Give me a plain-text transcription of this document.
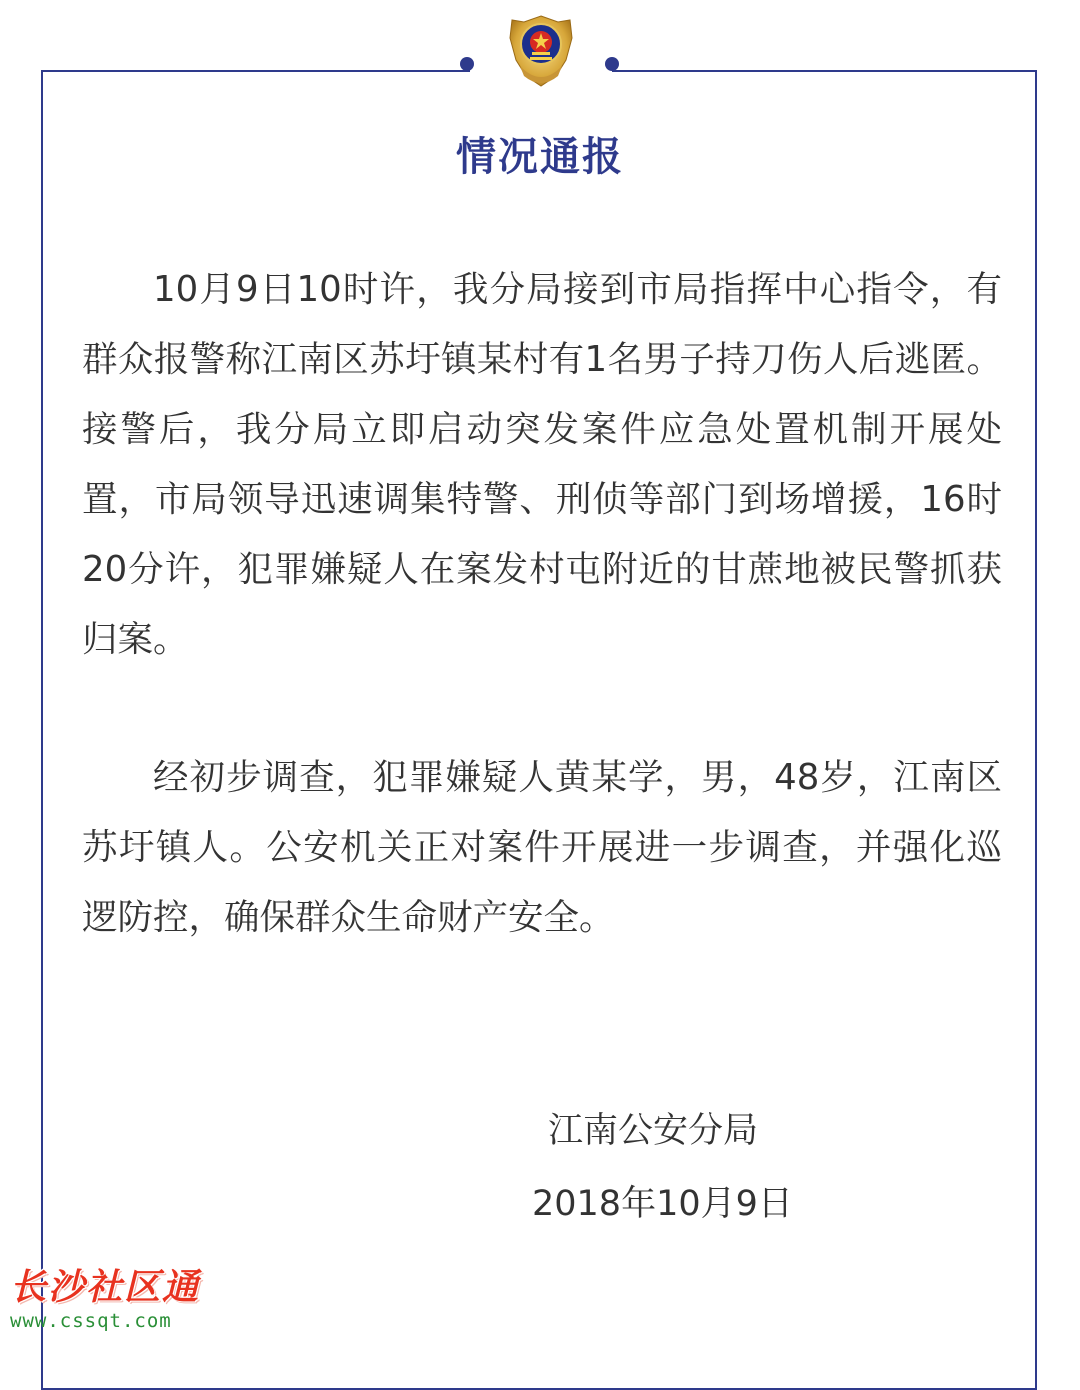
情况通报

10月9日10时许，我分局接到市局指挥中心指令，有群众报警称江南区苏圩镇某村有1名男子持刀伤人后逃匿。接警后，我分局立即启动突发案件应急处置机制开展处置，市局领导迅速调集特警、刑侦等部门到场增援，16时20分许，犯罪嫌疑人在案发村屯附近的甘蔗地被民警抓获归案。

经初步调查，犯罪嫌疑人黄某学，男，48岁，江南区苏圩镇人。公安机关正对案件开展进一步调查，并强化巡逻防控，确保群众生命财产安全。

江南公安分局

2018年10月9日

长沙社区通
www.cssqt.com
